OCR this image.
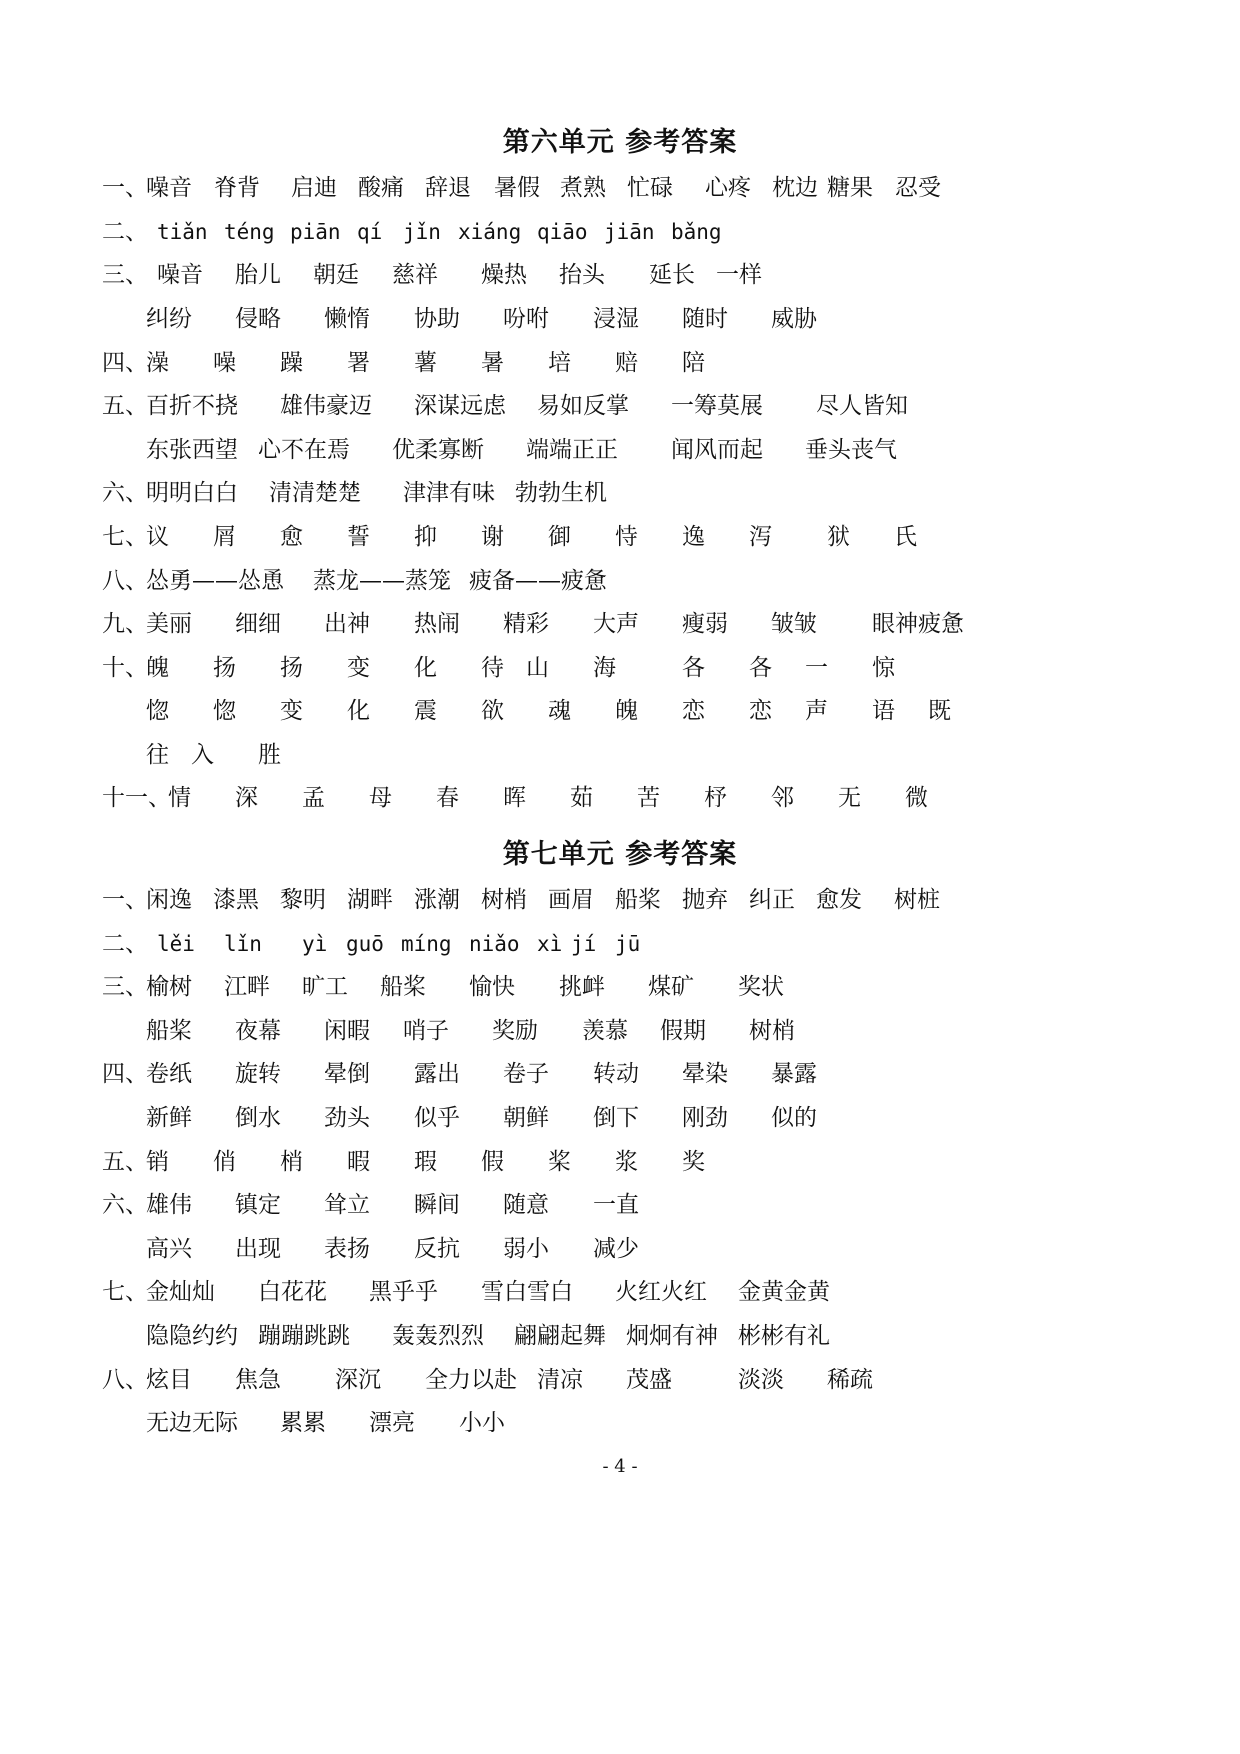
第六单元 参考答案
一、
噪音 脊背 启迪 酸痛 辞退 暑假 煮熟 忙碌 心疼 枕边 糖果 忍受
二、 tiǎn téng piān qí jǐn xiáng qiāo jiān bǎng
三、 噪音 胎儿 朝廷 慈祥 燥热 抬头 延长 一样
纠纷 侵略 懒惰 协助 吩咐 浸湿 随时 威胁
四、
澡 噪 躁 署 薯 暑 培 赔 陪
五、
百折不挠 雄伟豪迈 深谋远虑 易如反掌 一筹莫展 尽人皆知
东张西望 心不在焉 优柔寡断 端端正正 闻风而起 垂头丧气
六、
明明白白 清清楚楚 津津有味 勃勃生机
七、
议 屑 愈 誓 抑 谢 御 恃 逸 泻 狱 氏
八、
怂勇——怂恿 蒸龙——蒸笼 疲备——疲惫
九、
美丽 细细 出神 热闹 精彩 大声 瘦弱 皱皱 眼神疲惫
十、
魄 扬 扬 变 化 待 山 海	各 各 一 惊
惚 惚 变 化 震 欲 魂 魄 恋 恋 声 语 既
往 入 胜
十一、
情 深 孟 母 春 晖 茹 苦 杼 邻 无 微
第七单元 参考答案
一、
闲逸 漆黑 黎明 湖畔 涨潮 树梢 画眉 船桨 抛弃 纠正 愈发 树桩
二、 lěi lǐn yì guō míng niǎo xì jí jū
三、
榆树 江畔 旷工 船桨 愉快 挑衅 煤矿 奖状
船桨 夜幕 闲暇 哨子 奖励 羡慕 假期 树梢
四、
卷纸 旋转 晕倒 露出 卷子 转动 晕染 暴露
新鲜 倒水 劲头 似乎 朝鲜 倒下 刚劲 似的
五、
销 俏 梢 暇 瑕 假 桨 浆 奖
六、
雄伟 镇定 耸立 瞬间 随意 一直
高兴 出现 表扬 反抗 弱小 减少
七、
金灿灿 白花花 黑乎乎 雪白雪白 火红火红 金黄金黄
隐隐约约 蹦蹦跳跳 轰轰烈烈 翩翩起舞 炯炯有神 彬彬有礼
八、
炫目 焦急 深沉 全力以赴 清凉 茂盛	淡淡 稀疏
无边无际 累累 漂亮 小小
- 4 -
